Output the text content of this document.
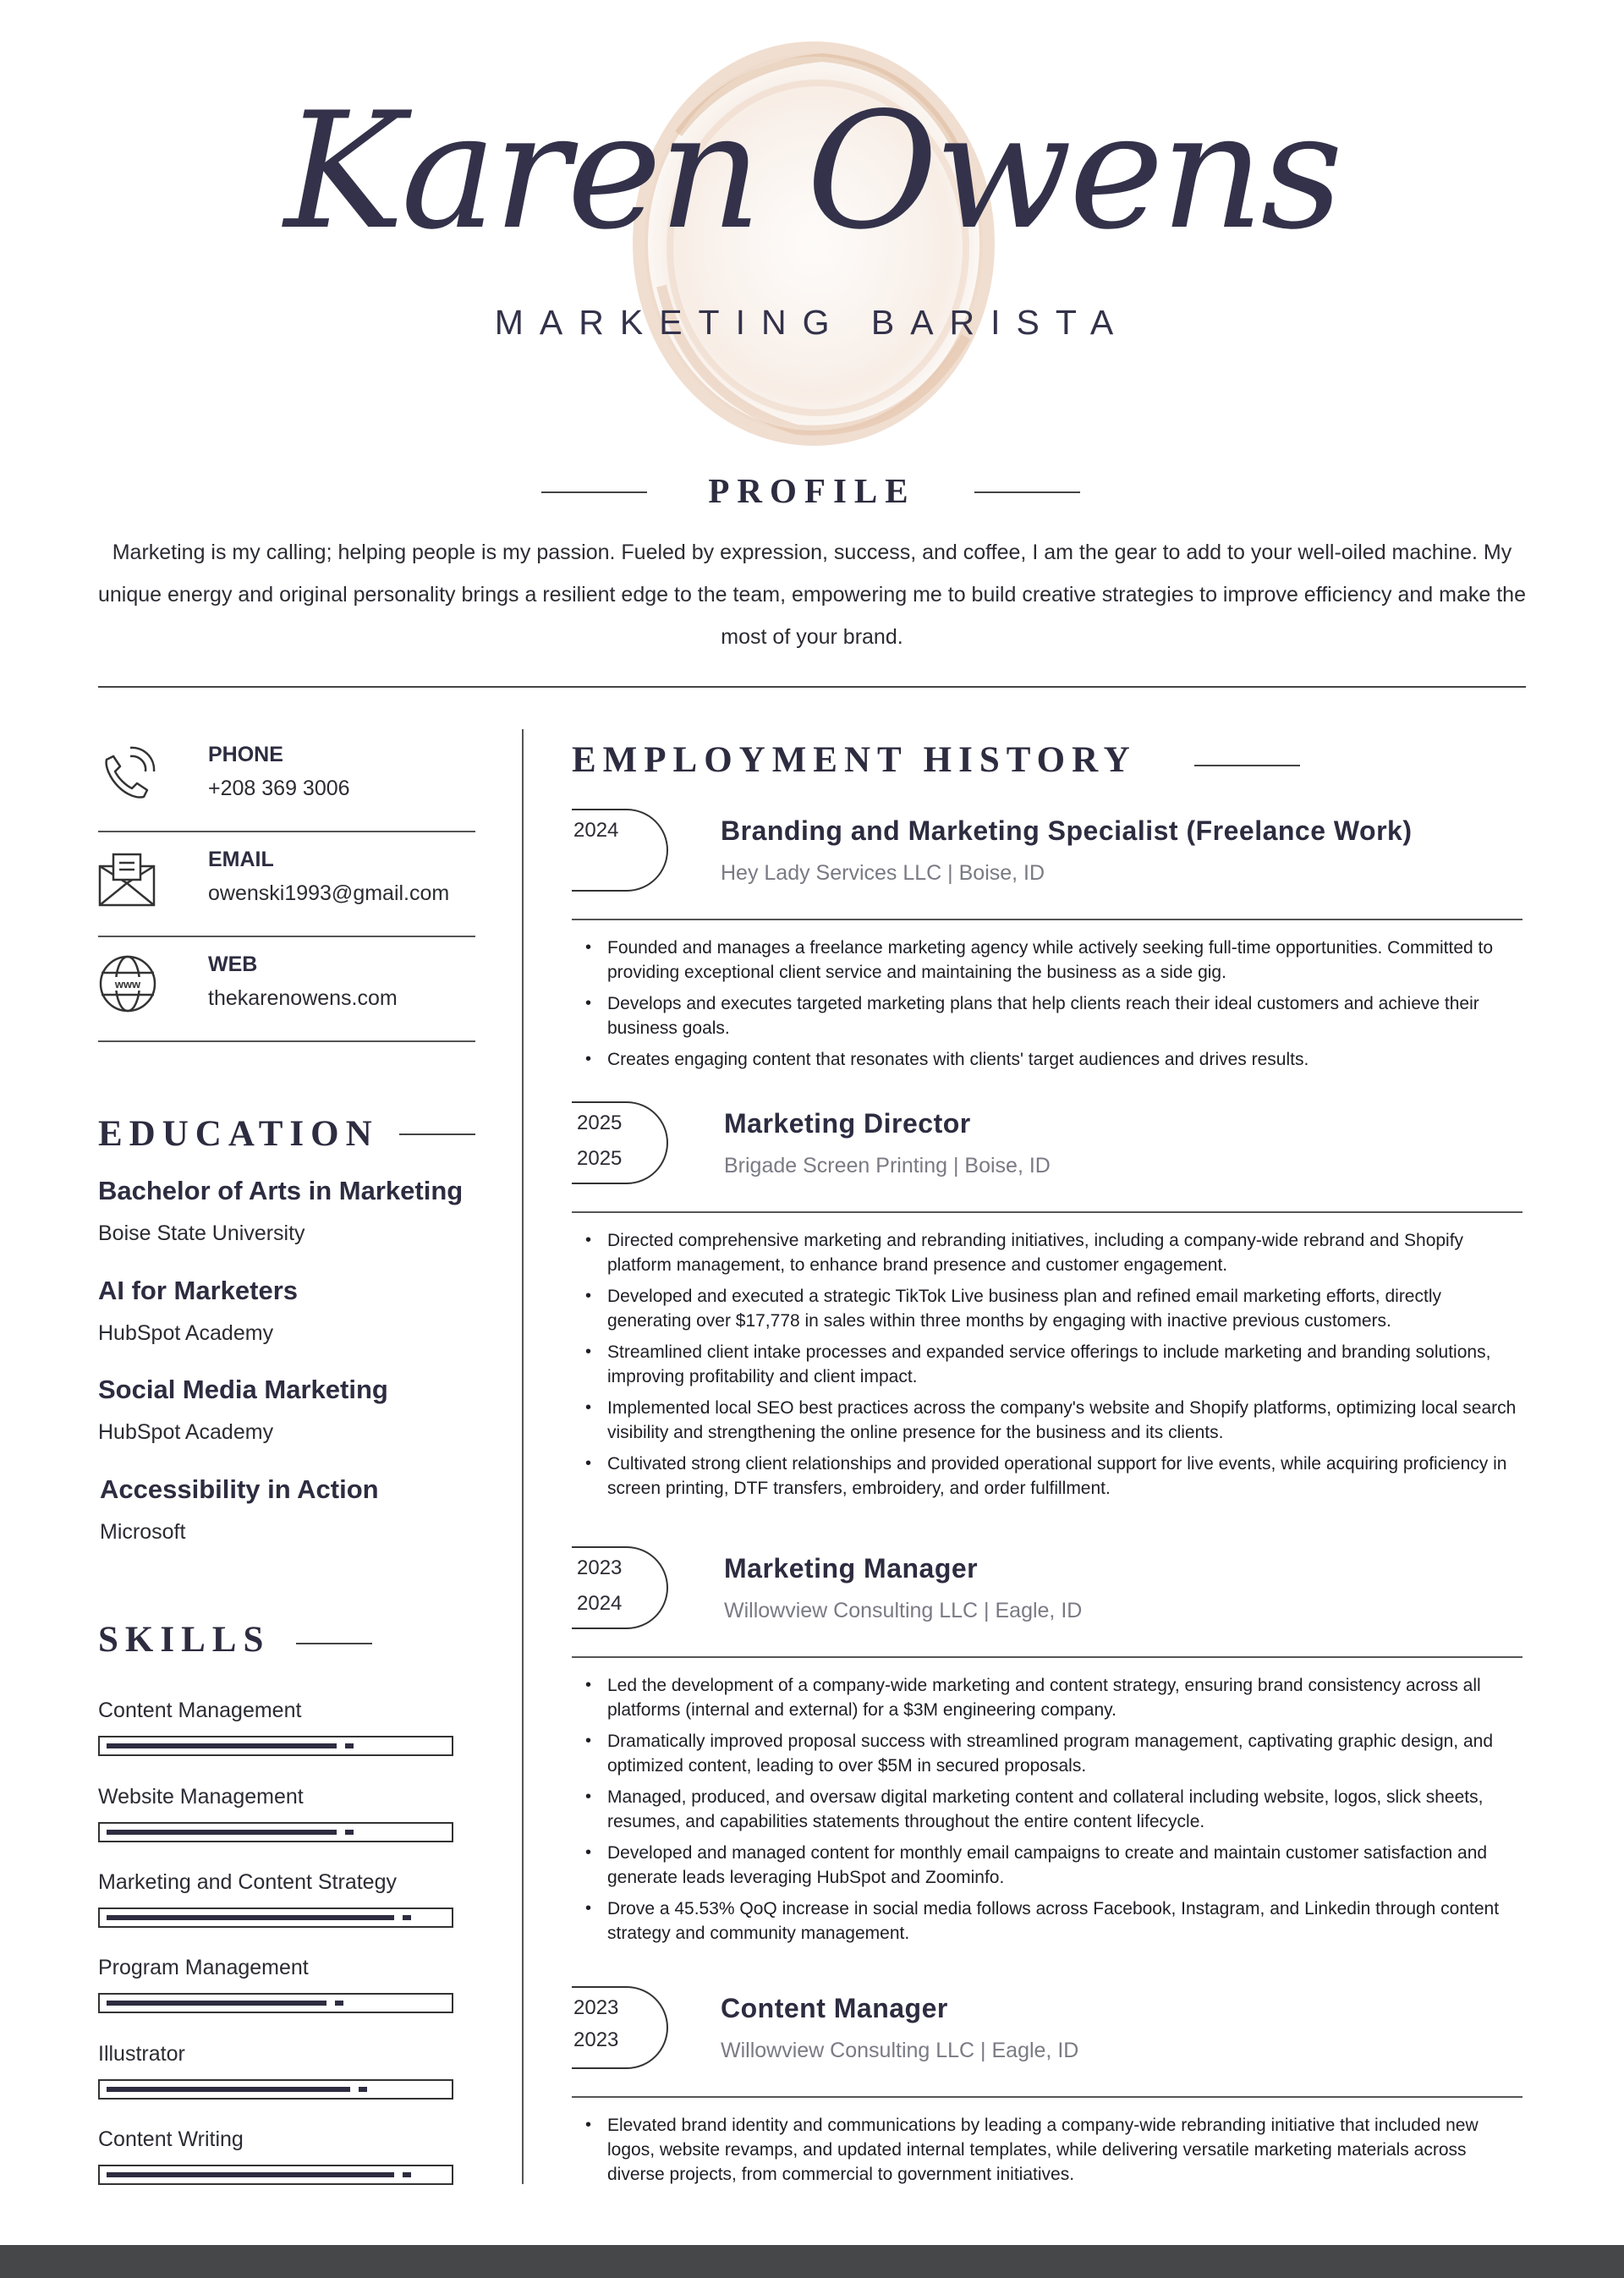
Karen Owens
MARKETING BARISTA
PROFILE
Marketing is my calling; helping people is my passion. Fueled by expression, success, and coffee, I am the gear to add to your well-oiled machine. My unique energy and original personality brings a resilient edge to the team, empowering me to build creative strategies to improve efficiency and make the most of your brand.
PHONE
+208 369 3006
EMAIL
owenski1993@gmail.com
www
WEB
thekarenowens.com
EDUCATION
Bachelor of Arts in Marketing
Boise State University
AI for Marketers
HubSpot Academy
Social Media Marketing
HubSpot Academy
Accessibility in Action
Microsoft
SKILLS
Content Management
Website Management
Marketing and Content Strategy
Program Management
Illustrator
Content Writing
EMPLOYMENT HISTORY
2024	Branding and Marketing Specialist (Freelance Work)
Hey Lady Services LLC | Boise, ID
• Founded and manages a freelance marketing agency while actively seeking full-time opportunities. Committed to providing exceptional client service and maintaining the business as a side gig.
• Develops and executes targeted marketing plans that help clients reach their ideal customers and achieve their business goals.
• Creates engaging content that resonates with clients' target audiences and drives results.
2025
2025
Marketing Director
Brigade Screen Printing | Boise, ID
• Directed comprehensive marketing and rebranding initiatives, including a company-wide rebrand and Shopify platform management, to enhance brand presence and customer engagement.
• Developed and executed a strategic TikTok Live business plan and refined email marketing efforts, directly generating over $17,778 in sales within three months by engaging with inactive previous customers.
• Streamlined client intake processes and expanded service offerings to include marketing and branding solutions, improving profitability and client impact.
• Implemented local SEO best practices across the company's website and Shopify platforms, optimizing local search visibility and strengthening the online presence for the business and its clients.
• Cultivated strong client relationships and provided operational support for live events, while acquiring proficiency in screen printing, DTF transfers, embroidery, and order fulfillment.
2023
2024
Marketing Manager
Willowview Consulting LLC | Eagle, ID
• Led the development of a company-wide marketing and content strategy, ensuring brand consistency across all platforms (internal and external) for a $3M engineering company.
• Dramatically improved proposal success with streamlined program management, captivating graphic design, and optimized content, leading to over $5M in secured proposals.
• Managed, produced, and oversaw digital marketing content and collateral including website, logos, slick sheets, resumes, and capabilities statements throughout the entire content lifecycle.
• Developed and managed content for monthly email campaigns to create and maintain customer satisfaction and generate leads leveraging HubSpot and Zoominfo.
• Drove a 45.53% QoQ increase in social media follows across Facebook, Instagram, and Linkedin through content strategy and community management.
2023
2023
Content Manager
Willowview Consulting LLC | Eagle, ID
• Elevated brand identity and communications by leading a company-wide rebranding initiative that included new logos, website revamps, and updated internal templates, while delivering versatile marketing materials across diverse projects, from commercial to government initiatives.
